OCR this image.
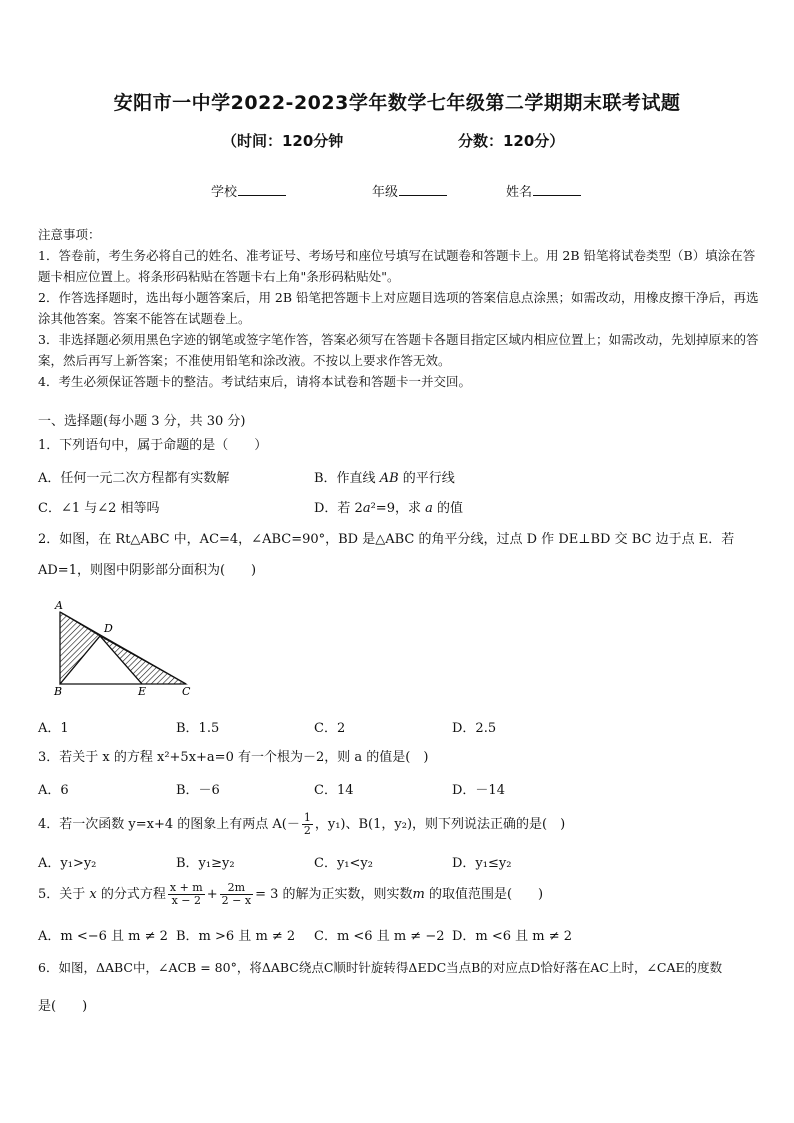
安阳市一中学2022-2023学年数学七年级第二学期期末联考试题
（时间：120分钟	分数：120分）
学校	年级	姓名

注意事项：

1．答卷前，考生务必将自己的姓名、准考证号、考场号和座位号填写在试题卷和答题卡上。用 2B 铅笔将试卷类型（B）填涂在答题卡相应位置上。将条形码粘贴在答题卡右上角"条形码粘贴处"。

2．作答选择题时，选出每小题答案后，用 2B 铅笔把答题卡上对应题目选项的答案信息点涂黑；如需改动，用橡皮擦干净后，再选涂其他答案。答案不能答在试题卷上。

3．非选择题必须用黑色字迹的钢笔或签字笔作答，答案必须写在答题卡各题目指定区域内相应位置上；如需改动，先划掉原来的答案，然后再写上新答案；不准使用铅笔和涂改液。不按以上要求作答无效。

4．考生必须保证答题卡的整洁。考试结束后，请将本试卷和答题卡一并交回。

一、选择题(每小题 3 分，共 30 分)
1．下列语句中，属于命题的是（　　）
A．任何一元二次方程都有实数解	B．作直线 AB 的平行线
C．∠1 与∠2 相等吗	D．若 2a²=9，求 a 的值
2．如图，在 Rt△ABC 中，AC=4，∠ABC=90°，BD 是△ABC 的角平分线，过点 D 作 DE⊥BD 交 BC 边于点 E．若
AD=1，则图中阴影部分面积为(　　)
A
D
B	E	C
A．1	B．1.5	C．2	D．2.5
3．若关于 x 的方程 x²+5x+a=0 有一个根为－2，则 a 的值是(　)
A．6	B．－6	C．14	D．－14
4．若一次函数 y=x+4 的图象上有两点 $A(- \frac{1}{2}$ ，y₁)、B(1，y₂)，则下列说法正确的是(　)
A．y₁>y₂	B．y₁≥y₂	C．y₁<y₂	D．y₁≤y₂
5．关于 x 的分式方程 $\frac{x + m}{x - 2} + \frac{2m}{2 - x} = 3$ 的解为正实数，则实数m 的取值范围是(　　)
A．m <−6 且 m ≠ 2 B．m >6 且 m ≠ 2 C．m <6 且 m ≠ −2 D．m <6 且 m ≠ 2
6．如图，ΔABC中，∠ACB = 80°，将ΔABC绕点C顺时针旋转得ΔEDC当点B的对应点D恰好落在AC上时，∠CAE的度数
是(　　)
